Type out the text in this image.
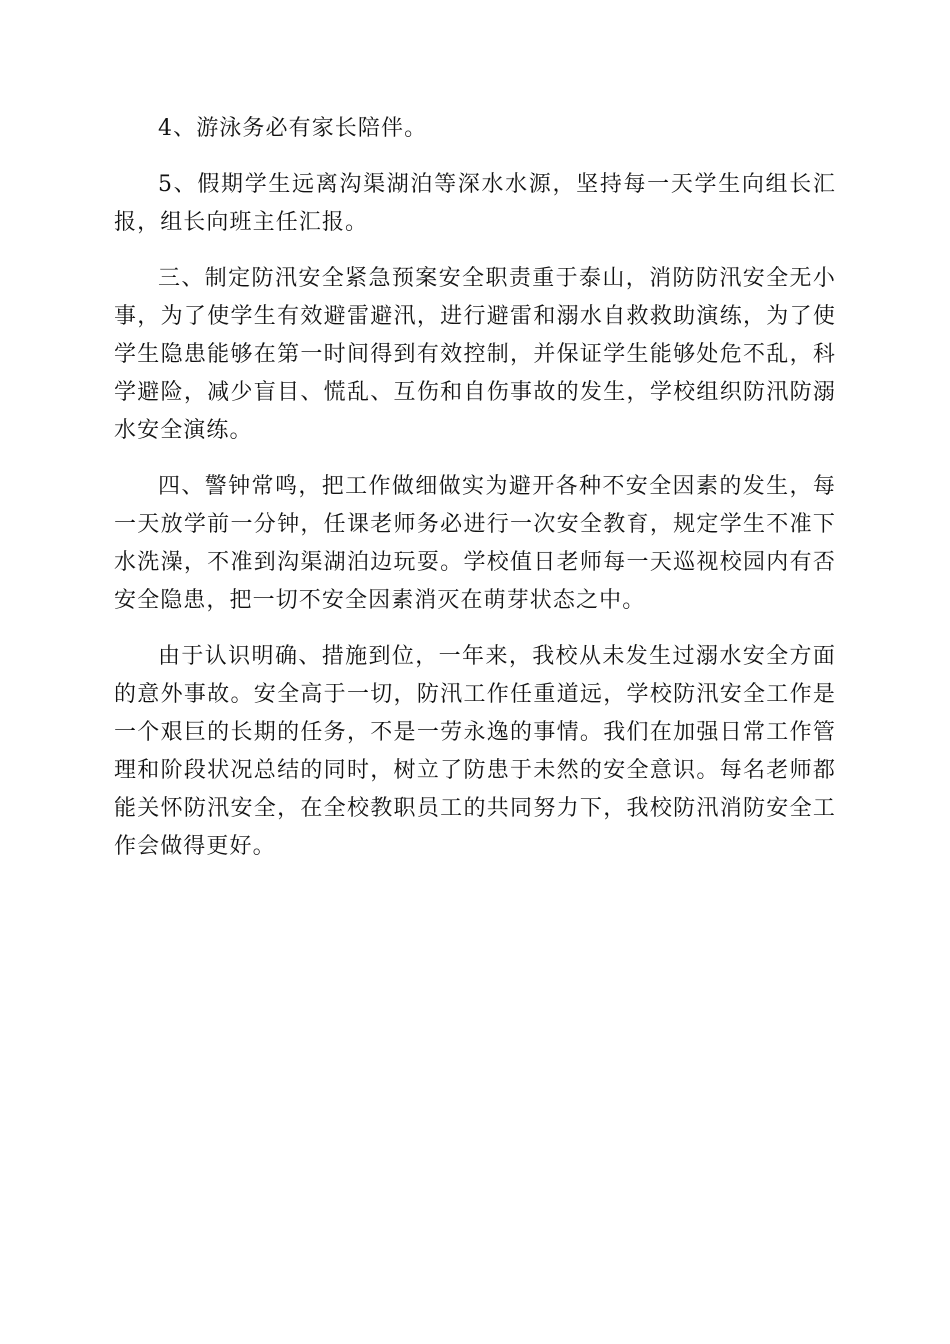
4、游泳务必有家长陪伴。

5、假期学生远离沟渠湖泊等深水水源，坚持每一天学生向组长汇报，组长向班主任汇报。

三、制定防汛安全紧急预案安全职责重于泰山，消防防汛安全无小事，为了使学生有效避雷避汛，进行避雷和溺水自救救助演练，为了使学生隐患能够在第一时间得到有效控制，并保证学生能够处危不乱，科学避险，减少盲目、慌乱、互伤和自伤事故的发生，学校组织防汛防溺水安全演练。

四、警钟常鸣，把工作做细做实为避开各种不安全因素的发生，每一天放学前一分钟，任课老师务必进行一次安全教育，规定学生不准下水洗澡，不准到沟渠湖泊边玩耍。学校值日老师每一天巡视校园内有否安全隐患，把一切不安全因素消灭在萌芽状态之中。

由于认识明确、措施到位，一年来，我校从未发生过溺水安全方面的意外事故。安全高于一切，防汛工作任重道远，学校防汛安全工作是一个艰巨的长期的任务，不是一劳永逸的事情。我们在加强日常工作管理和阶段状况总结的同时，树立了防患于未然的安全意识。每名老师都能关怀防汛安全，在全校教职员工的共同努力下，我校防汛消防安全工作会做得更好。
